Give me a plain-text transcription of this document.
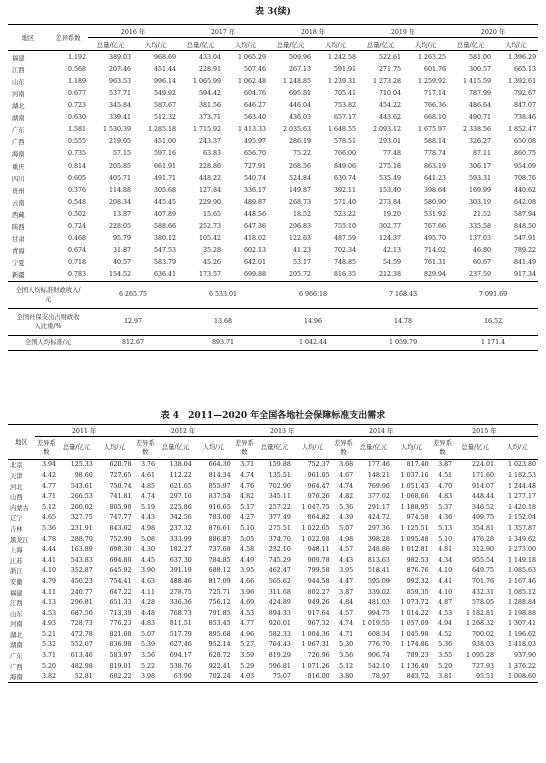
表 3(续)
地区	差异系数	2016 年		2017 年		2018 年		2019 年		2020 年	
		总量/亿元	人均/元	总量/亿元	人均/元	总量/亿元	人均/元	总量/亿元	人均/元	总量/亿元	人均/元
福建	1.192	389.03	968.69	433.04	1 065.29	509.96	1 242.58	522.61	1 263.25	581.00	1 396.29
江西	0.568	207.46	451.44	228.91	507.46	267.13	591.91	271.75	601.76	300.57	665.13
山东	1.189	963.53	996.14	1 065.99	1 062.48	1 248.85	1 239.31	1 273.28	1 259.92	1 415.59	1 392.61
河南	0.677	537.71	549.92	594.42	604.76	695.81	705.41	710.04	717.14	787.99	792.67
湖北	0.723	345.84	587.67	381.56	646.27	446.04	753.82	454.22	766.36	486.64	847.07
湖南	0.630	339.41	512.32	373.71	563.40	436.03	657.17	443.62	668.10	490.71	738.46
广东	1.581	1 530.39	1 285.18	1 715.92	1 413.33	2 035.63	1 648.55	2 093.12	1 675.97	2 338.56	1 852.47
广西	0.555	219.05	451.00	243.37	495.97	286.19	578.51	293.01	588.14	326.27	650.08
海南	0.735	57.15	597.16	63.83	656.70	75.22	766.00	77.48	778.74	87.11	860.75
重庆	0.814	205.85	661.91	228.86	727.91	268.56	849.06	275.18	863.19	306.17	954.09
四川	0.605	405.71	491.71	448.22	540.74	524.84	630.74	535.49	641.23	593.31	708.76
贵州	0.376	114.88	305.68	127.84	336.17	149.87	392.11	153.40	398.64	169.99	440.62
云南	0.548	208.34	445.45	229.90	489.87	268.73	571.40	273.84	580.90	303.19	642.08
西藏	0.502	13.87	407.89	15.65	448.56	18.52	523.22	19.20	531.92	21.52	587.94
陕西	0.724	228.05	588.66	252.73	647.36	296.83	755.10	302.77	767.66	335.58	848.50
甘肃	0.468	95.79	380.12	105.42	418.02	122.63	487.59	124.37	495.70	137.03	547.91
青海	0.674	31.87	547.53	35.28	602.13	41.23	702.34	42.13	714.02	46.80	789.22
宁夏	0.718	40.57	583.79	45.26	642.01	53.17	748.85	54.59	761.31	60.67	841.49
新疆	0.783	154.52	636.41	173.57	699.88	205.72	816.35	212.38	829.94	237.59	917.34
全国人均标准财政收入/元		6 265.75		6 533.01		6 966.18		7 168.43		7 091.69	
全国社保支出占财政收入比重/%		12.97		13.68		14.96		14.78		16.52	
全国人均标准/元		812.67		893.71		1 042.44		1 059.79		1 171.4	
表 4　2011—2020 年全国各地社会保障标准支出需求
地区	2011 年			2012 年			2013 年			2014 年			2015 年		
	差异系数	总量/亿元	人均/元	差异系数	总量/亿元	人均/元	差异系数	总量/亿元	人均/元	差异系数	总量/亿元	人均/元	差异系数	总量/亿元	人均/元
北京	3.94	125.33	620.78	3.76	138.04	664.30	3.71	159.88	752.37	3.68	177.46	817.40	3.87	224.01	1 023.80
天津	4.42	98.60	727.65	4.61	112.22	814.34	4.74	135.51	961.05	4.67	148.21	1 037.16	4.51	171.60	1 182.53
河北	4.77	543.61	750.74	4.85	621.65	855.97	4.76	702.90	964.47	4.74	769.96	1 051.43	4.70	914.07	1 244.48
山西	4.71	266.53	741.81	4.74	297.16	837.54	4.82	345.11	976.26	4.82	377.02	1 068.66	4.83	448.44	1 277.17
内蒙古	5.12	200.02	805.90	5.19	225.86	916.65	5.17	257.22	1 047.75	5.36	291.17	1 188.95	5.37	346.52	1 420.18
辽宁	4.65	327.75	747.77	4.43	342.56	783.00	4.27	377.49	864.82	4.39	424.72	974.58	4.36	499.75	1 152.04
吉林	5.36	231.91	843.62	4.98	237.32	876.61	5.10	275.51	1 022.65	5.07	297.36	1 125.51	5.13	354.81	1 357.87
黑龙江	4.78	288.70	752.99	5.08	333.99	886.87	5.05	374.70	1 022.08	4.98	398.28	1 095.48	5.10	476.28	1 349.62
上海	4.44	163.89	698.30	4.30	182.27	737.68	4.58	232.10	948.11	4.57	248.86	1 012.81	4.81	312.90	1 273.00
江苏	4.41	543.83	694.80	4.45	637.30	784.85	4.49	745.29	909.78	4.43	813.63	982.53	4.34	955.54	1 149.18
浙江	4.10	352.87	645.92	3.90	391.19	688.12	3.95	462.47	799.58	3.95	518.41	876.76	4.10	649.75	1 085.63
安徽	4.79	450.23	754.41	4.63	488.46	817.09	4.66	565.62	944.58	4.47	595.09	992.32	4.41	701.76	1 167.46
福建	4.11	240.77	647.22	4.11	278.75	725.71	3.96	311.68	802.27	3.87	339.02	859.35	4.10	432.31	1 085.12
江西	4.13	296.81	651.33	4.28	336.36	756.12	4.69	424.89	949.26	4.84	481.03	1 073.72	4.87	578.05	1 288.84
山东	4.53	687.50	713.39	4.48	768.73	791.85	4.53	894.33	917.64	4.57	994.75	1 014.22	4.53	1 182.81	1 198.88
河南	4.93	728.73	776.23	4.83	811.51	853.45	4.77	926.01	967.32	4.74	1 019.55	1 057.09	4.94	1 268.32	1 307.41
湖北	5.21	472.78	821.08	5.07	517.79	895.68	4.96	582.33	1 004.36	4.71	608.34	1 045.98	4.52	700.02	1 196.62
湖南	5.32	552.07	836.98	5.39	627.46	952.14	5.27	704.43	1 067.31	5.30	776.70	1 174.86	5.36	938.03	1 418.03
广东	3.71	613.46	583.97	3.56	694.17	628.72	3.59	819.29	726.96	3.56	906.74	789.23	3.55	1 095.28	937.90
广西	5.20	482.98	819.01	5.22	538.76	922.41	5.29	596.81	1 071.26	5.12	542.10	1 136.49	5.20	727.93	1 376.22
海南	3.82	52.81	602.22	3.98	63.90	702.24	4.03	75.07	816.00	3.80	78.97	843.72	3.81	95.51	1 008.60
